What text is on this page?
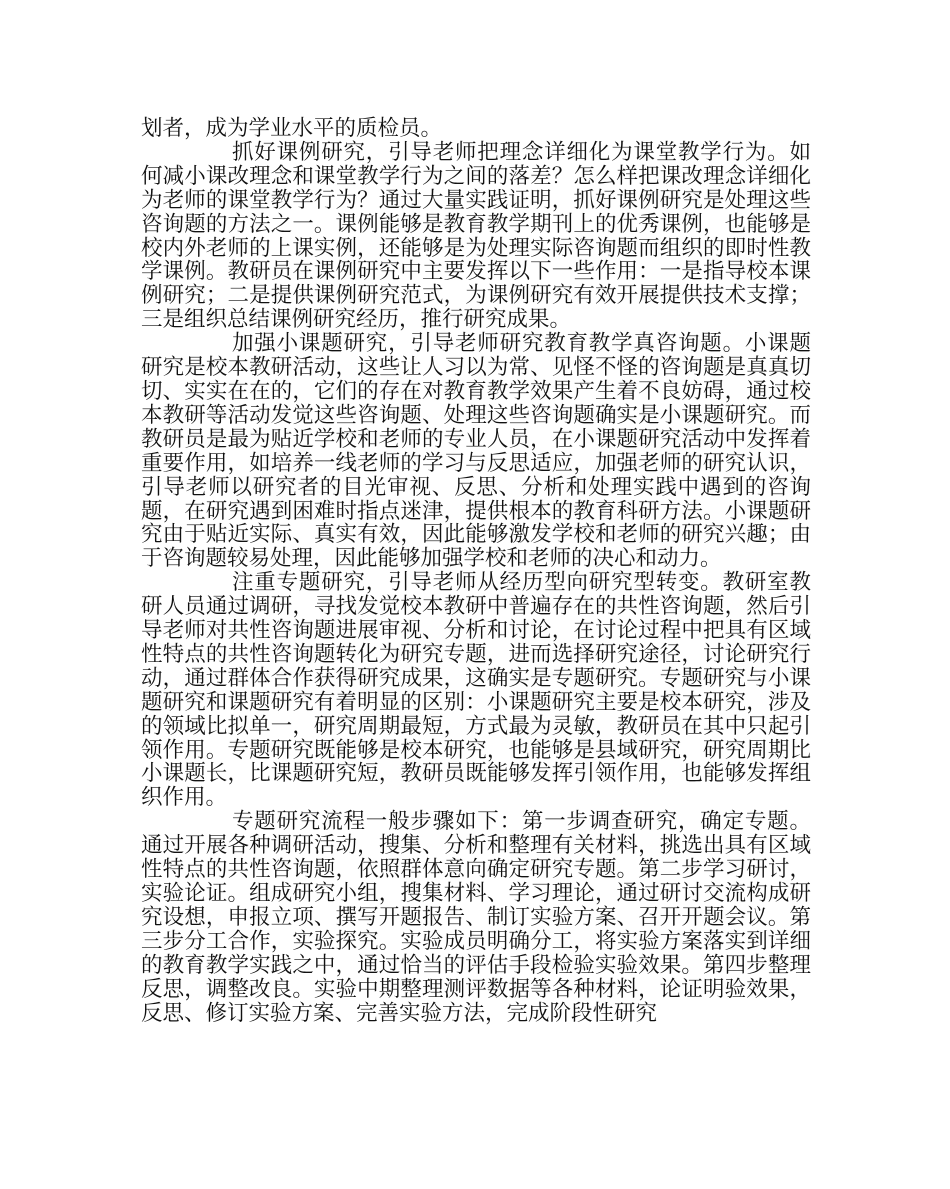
划者，成为学业水平的质检员。

抓好课例研究，引导老师把理念详细化为课堂教学行为。如何减小课改理念和课堂教学行为之间的落差？怎么样把课改理念详细化为老师的课堂教学行为？通过大量实践证明，抓好课例研究是处理这些咨询题的方法之一。课例能够是教育教学期刊上的优秀课例，也能够是校内外老师的上课实例，还能够是为处理实际咨询题而组织的即时性教学课例。教研员在课例研究中主要发挥以下一些作用：一是指导校本课例研究；二是提供课例研究范式，为课例研究有效开展提供技术支撑；三是组织总结课例研究经历，推行研究成果。

加强小课题研究，引导老师研究教育教学真咨询题。小课题研究是校本教研活动，这些让人习以为常、见怪不怪的咨询题是真真切切、实实在在的，它们的存在对教育教学效果产生着不良妨碍，通过校本教研等活动发觉这些咨询题、处理这些咨询题确实是小课题研究。而教研员是最为贴近学校和老师的专业人员，在小课题研究活动中发挥着重要作用，如培养一线老师的学习与反思适应，加强老师的研究认识，引导老师以研究者的目光审视、反思、分析和处理实践中遇到的咨询题，在研究遇到困难时指点迷津，提供根本的教育科研方法。小课题研究由于贴近实际、真实有效，因此能够激发学校和老师的研究兴趣；由于咨询题较易处理，因此能够加强学校和老师的决心和动力。

注重专题研究，引导老师从经历型向研究型转变。教研室教研人员通过调研，寻找发觉校本教研中普遍存在的共性咨询题，然后引导老师对共性咨询题进展审视、分析和讨论，在讨论过程中把具有区域性特点的共性咨询题转化为研究专题，进而选择研究途径，讨论研究行动，通过群体合作获得研究成果，这确实是专题研究。专题研究与小课题研究和课题研究有着明显的区别：小课题研究主要是校本研究，涉及的领域比拟单一，研究周期最短，方式最为灵敏，教研员在其中只起引领作用。专题研究既能够是校本研究，也能够是县域研究，研究周期比小课题长，比课题研究短，教研员既能够发挥引领作用，也能够发挥组织作用。

专题研究流程一般步骤如下：第一步调查研究，确定专题。通过开展各种调研活动，搜集、分析和整理有关材料，挑选出具有区域性特点的共性咨询题，依照群体意向确定研究专题。第二步学习研讨，实验论证。组成研究小组，搜集材料、学习理论，通过研讨交流构成研究设想，申报立项、撰写开题报告、制订实验方案、召开开题会议。第三步分工合作，实验探究。实验成员明确分工，将实验方案落实到详细的教育教学实践之中，通过恰当的评估手段检验实验效果。第四步整理反思，调整改良。实验中期整理测评数据等各种材料，论证明验效果，反思、修订实验方案、完善实验方法，完成阶段性研究
